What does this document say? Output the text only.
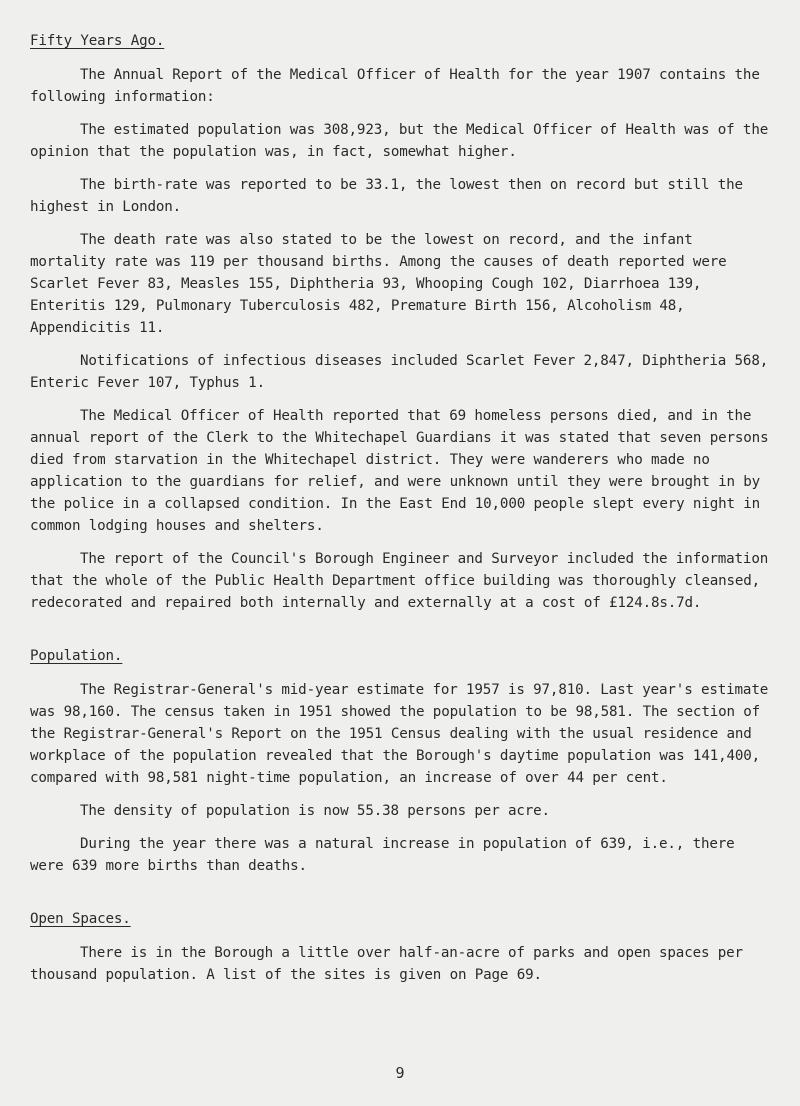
Fifty Years Ago.

The Annual Report of the Medical Officer of Health for the year 1907 contains the following information:

The estimated population was 308,923, but the Medical Officer of Health was of the opinion that the population was, in fact, somewhat higher.

The birth-rate was reported to be 33.1, the lowest then on record but still the highest in London.

The death rate was also stated to be the lowest on record, and the infant mortality rate was 119 per thousand births. Among the causes of death reported were Scarlet Fever 83, Measles 155, Diphtheria 93, Whooping Cough 102, Diarrhoea 139, Enteritis 129, Pulmonary Tuberculosis 482, Premature Birth 156, Alcoholism 48, Appendicitis 11.

Notifications of infectious diseases included Scarlet Fever 2,847, Diphtheria 568, Enteric Fever 107, Typhus 1.

The Medical Officer of Health reported that 69 homeless persons died, and in the annual report of the Clerk to the Whitechapel Guardians it was stated that seven persons died from starvation in the Whitechapel district. They were wanderers who made no application to the guardians for relief, and were unknown until they were brought in by the police in a collapsed condition. In the East End 10,000 people slept every night in common lodging houses and shelters.

The report of the Council's Borough Engineer and Surveyor included the information that the whole of the Public Health Department office building was thoroughly cleansed, redecorated and repaired both internally and externally at a cost of £124.8s.7d.

Population.

The Registrar-General's mid-year estimate for 1957 is 97,810. Last year's estimate was 98,160. The census taken in 1951 showed the population to be 98,581. The section of the Registrar-General's Report on the 1951 Census dealing with the usual residence and workplace of the population revealed that the Borough's daytime population was 141,400, compared with 98,581 night-time population, an increase of over 44 per cent.

The density of population is now 55.38 persons per acre.

During the year there was a natural increase in population of 639, i.e., there were 639 more births than deaths.

Open Spaces.

There is in the Borough a little over half-an-acre of parks and open spaces per thousand population. A list of the sites is given on Page 69.

9
